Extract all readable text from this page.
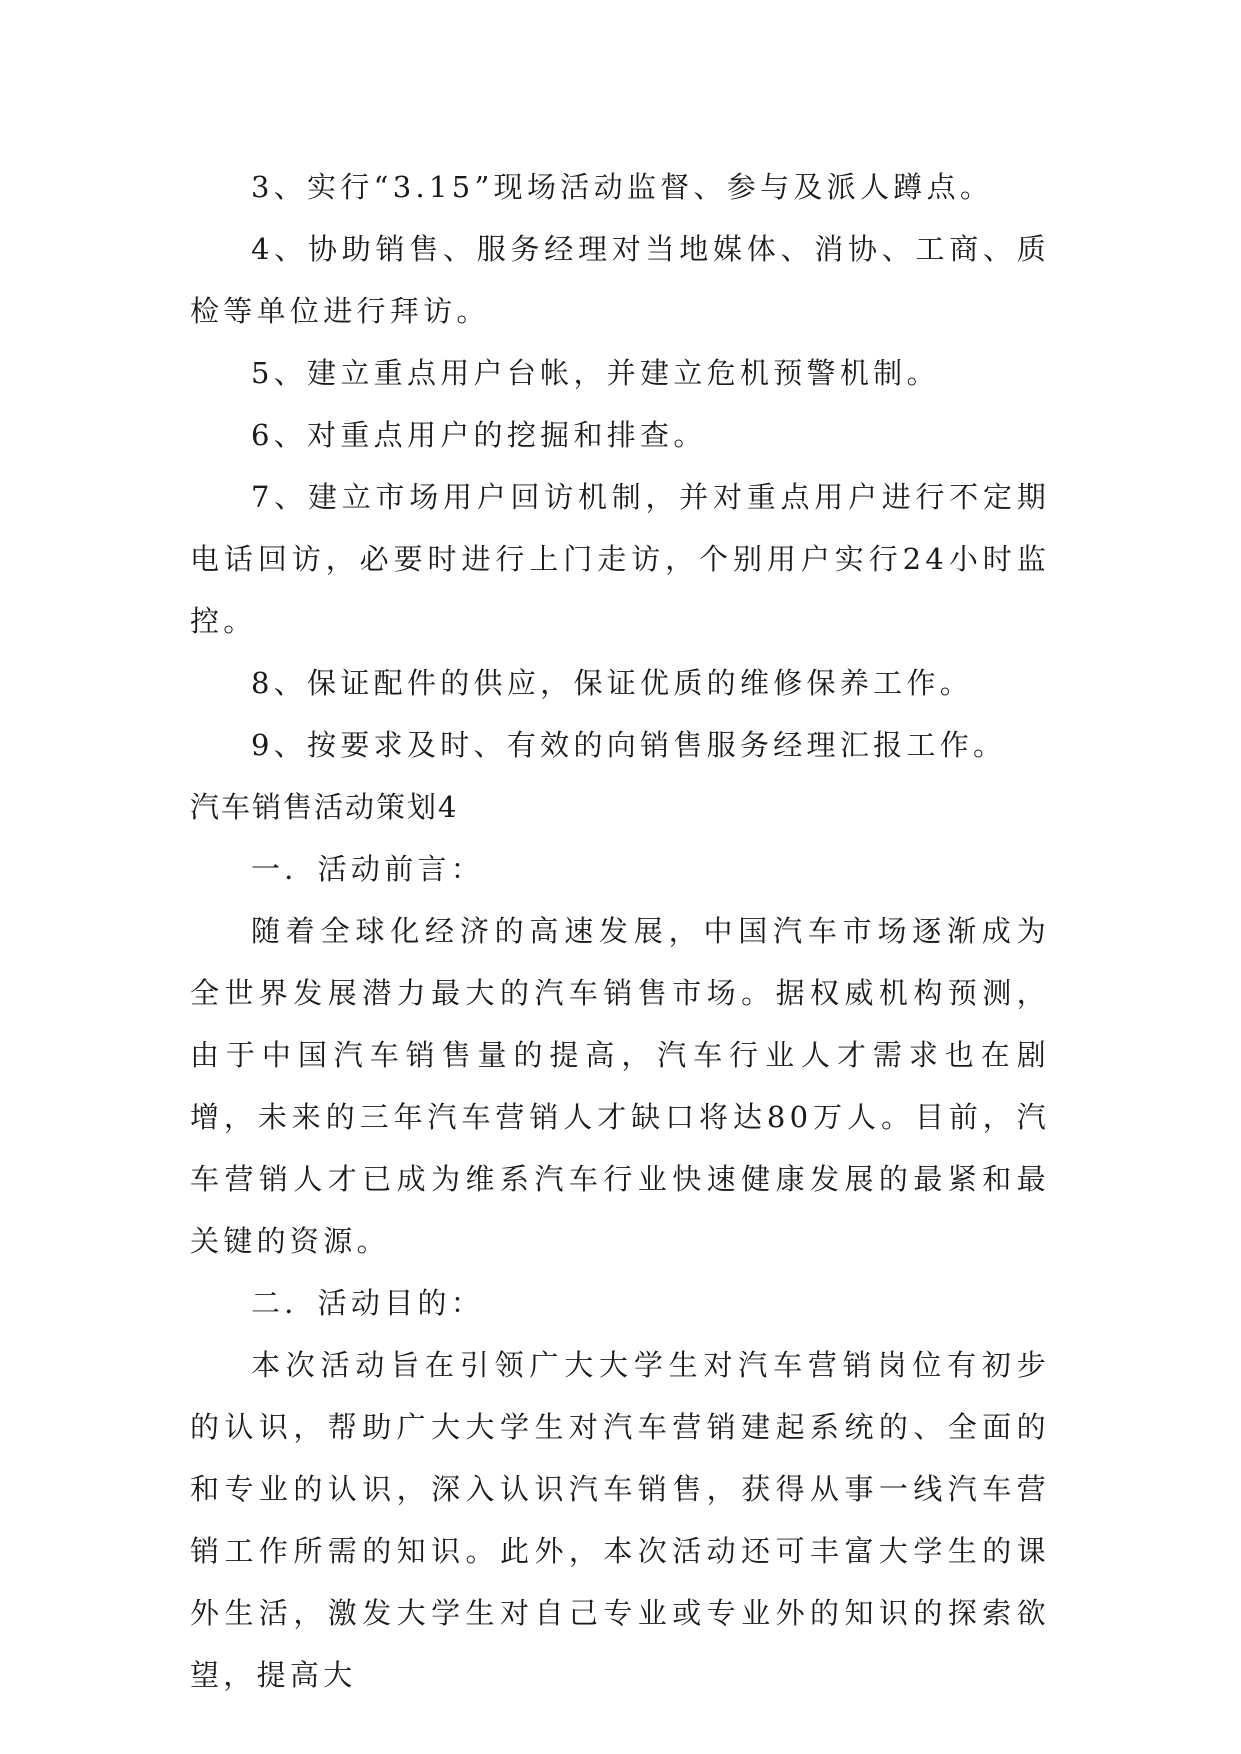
3、实行“3.15”现场活动监督、参与及派人蹲点。

4、协助销售、服务经理对当地媒体、消协、工商、质检等单位进行拜访。

5、建立重点用户台帐，并建立危机预警机制。

6、对重点用户的挖掘和排查。

7、建立市场用户回访机制，并对重点用户进行不定期电话回访，必要时进行上门走访，个别用户实行24小时监控。

8、保证配件的供应，保证优质的维修保养工作。

9、按要求及时、有效的向销售服务经理汇报工作。

汽车销售活动策划4

一．活动前言：

随着全球化经济的高速发展，中国汽车市场逐渐成为全世界发展潜力最大的汽车销售市场。据权威机构预测，由于中国汽车销售量的提高，汽车行业人才需求也在剧增，未来的三年汽车营销人才缺口将达80万人。目前，汽车营销人才已成为维系汽车行业快速健康发展的最紧和最关键的资源。

二．活动目的：

本次活动旨在引领广大大学生对汽车营销岗位有初步的认识，帮助广大大学生对汽车营销建起系统的、全面的和专业的认识，深入认识汽车销售，获得从事一线汽车营销工作所需的知识。此外，本次活动还可丰富大学生的课外生活，激发大学生对自己专业或专业外的知识的探索欲望，提高大
